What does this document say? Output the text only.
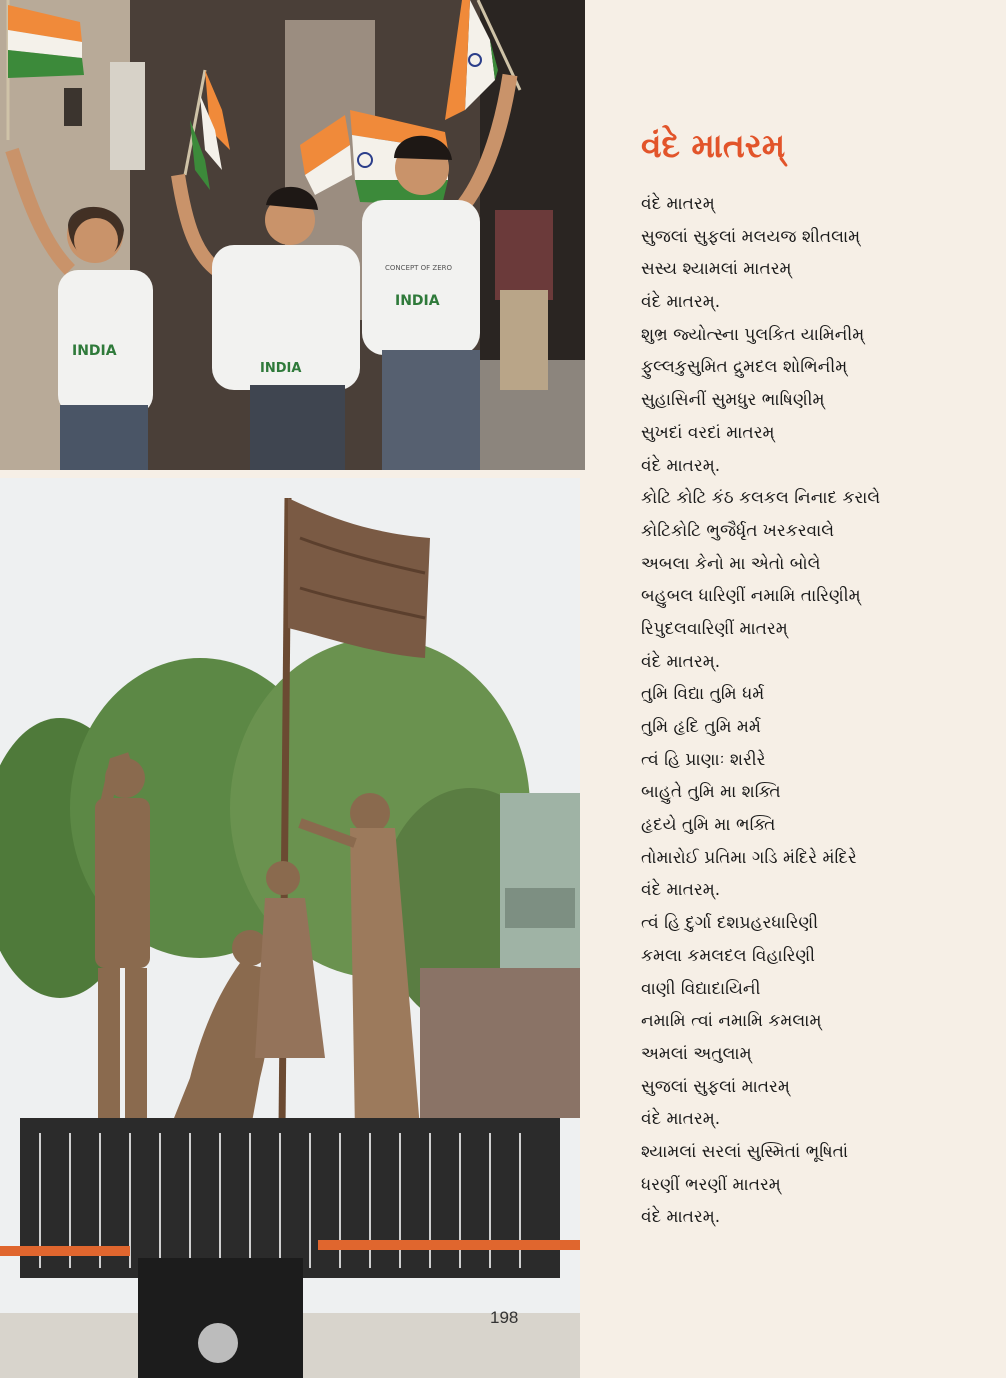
INDIA
INDIA
INDIA
CONCEPT OF ZERO
વંદે માતરમ્
વંદે માતરમ્
સુજલાં સુફલાં મલયજ શીતલામ્
સસ્ય શ્યામલાં માતરમ્
વંદે માતરમ્.
શુભ્ર જ્યોત્સ્ના પુલકિત યામિનીમ્
ફુલ્લકુસુમિત દ્રુમદલ શોભિનીમ્
સુહાસિનીં સુમધુર ભાષિણીમ્
સુખદાં વરદાં માતરમ્
વંદે માતરમ્.
કોટિ કોટિ કંઠ કલકલ નિનાદ કરાલે
કોટિકોટિ ભુજૈર્ધૃત ખરકરવાલે
અબલા કેનો મા એતો બોલે
બહુબલ ધારિણીં નમામિ તારિણીમ્
રિપુદલવારિણીં માતરમ્
વંદે માતરમ્.
તુમિ વિદ્યા તુમિ ધર્મ
તુમિ હૃદિ તુમિ મર્મ
ત્વં હિ પ્રાણાઃ શરીરે
બાહુતે તુમિ મા શક્તિ
હૃદયે તુમિ મા ભક્તિ
તોમારોઈ પ્રતિમા ગડિ મંદિરે મંદિરે
વંદે માતરમ્.
ત્વં હિ દુર્ગા દશપ્રહરધારિણી
કમલા કમલદલ વિહારિણી
વાણી વિદ્યાદાયિની
નમામિ ત્વાં નમામિ કમલામ્
અમલાં અતુલામ્
સુજલાં સુફલાં માતરમ્
વંદે માતરમ્.
શ્યામલાં સરલાં સુસ્મિતાં ભૂષિતાં
ધરણીં ભરણીં માતરમ્
વંદે માતરમ્.
198
